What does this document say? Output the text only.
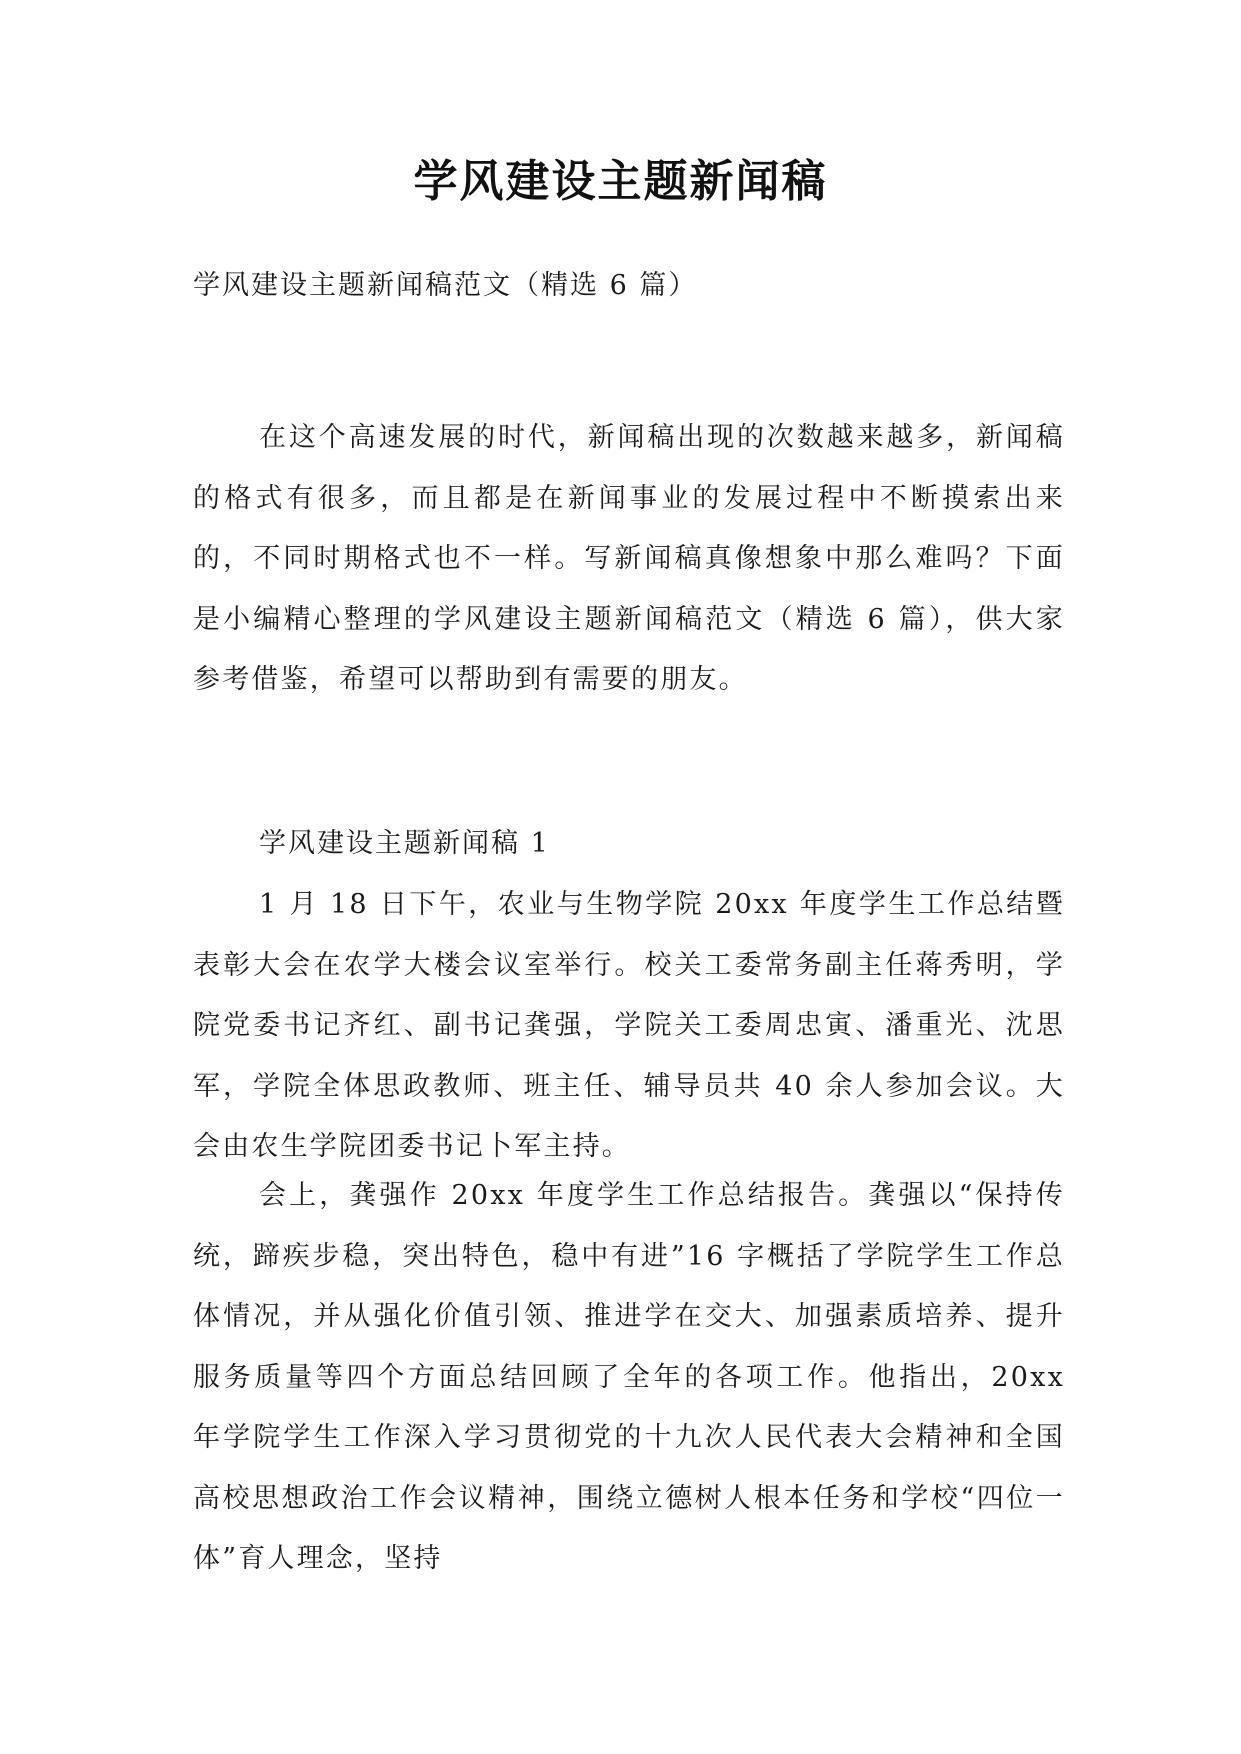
学风建设主题新闻稿
学风建设主题新闻稿范文（精选 6 篇）

在这个高速发展的时代，新闻稿出现的次数越来越多，新闻稿的格式有很多，而且都是在新闻事业的发展过程中不断摸索出来的，不同时期格式也不一样。写新闻稿真像想象中那么难吗？下面是小编精心整理的学风建设主题新闻稿范文（精选 6 篇），供大家参考借鉴，希望可以帮助到有需要的朋友。

学风建设主题新闻稿 1

1 月 18 日下午，农业与生物学院 20xx 年度学生工作总结暨表彰大会在农学大楼会议室举行。校关工委常务副主任蒋秀明，学院党委书记齐红、副书记龚强，学院关工委周忠寅、潘重光、沈思军，学院全体思政教师、班主任、辅导员共 40 余人参加会议。大会由农生学院团委书记卜军主持。

会上，龚强作 20xx 年度学生工作总结报告。龚强以“保持传统，蹄疾步稳，突出特色，稳中有进”16 字概括了学院学生工作总体情况，并从强化价值引领、推进学在交大、加强素质培养、提升服务质量等四个方面总结回顾了全年的各项工作。他指出，20xx 年学院学生工作深入学习贯彻党的十九次人民代表大会精神和全国高校思想政治工作会议精神，围绕立德树人根本任务和学校“四位一体”育人理念，坚持
